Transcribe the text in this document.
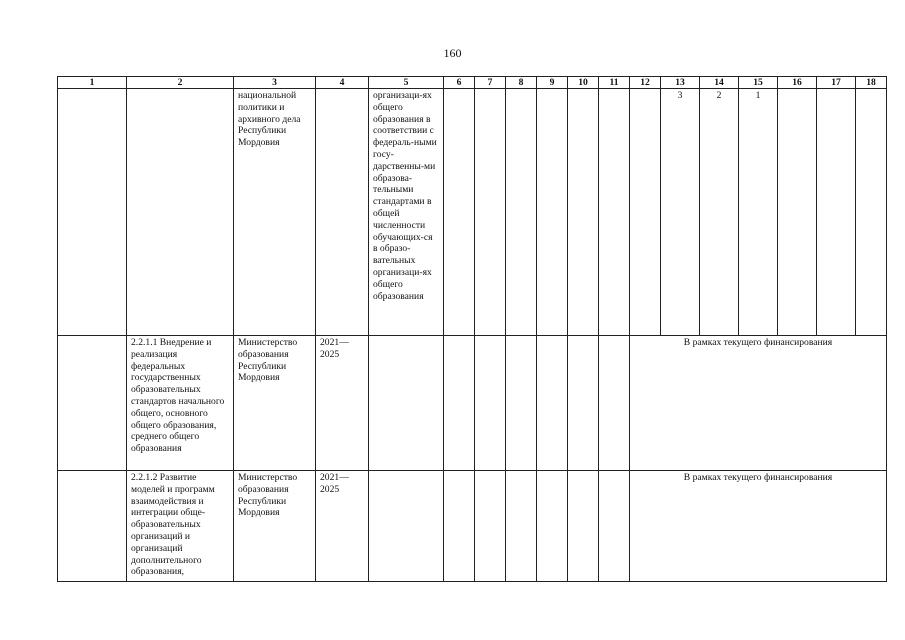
160
1	2	3	4	5	6	7	8	9	10	11	12	13	14	15	16	17	18

		национальной политики и архивного дела Республики Мордовия		организаци-ях общего образования в соответствии с федераль-ными госу-дарственны-ми образова-тельными стандартами в общей численности обучающих-ся в образо-вательных организаци-ях общего образования								3	2	1			

	2.2.1.1 Внедрение и реализация федеральных государственных образовательных стандартов начального общего, основного общего образования, среднего общего образования	Министерство образования Республики Мордовия	2021—2025								В рамках текущего финансирования						

	2.2.1.2 Развитие моделей и программ взаимодействия и интеграции обще-образовательных организаций и организаций дополнительного образования,	Министерство образования Республики Мордовия	2021—2025								В рамках текущего финансирования						
